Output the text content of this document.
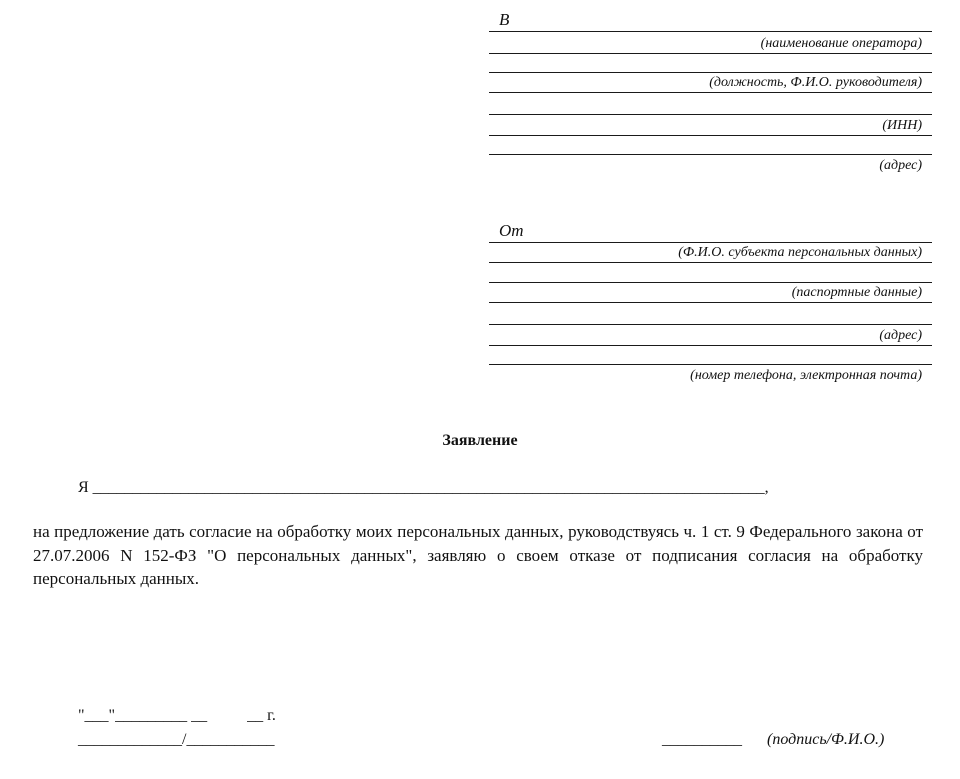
В
(наименование оператора)
(должность, Ф.И.О. руководителя)
(ИНН)
(адрес)
От
(Ф.И.О. субъекта персональных данных)
(паспортные данные)
(адрес)
(номер телефона, электронная почта)
Заявление
Я ____________________________________________________________________________________,
на предложение дать согласие на обработку моих персональных данных, руководствуясь ч. 1 ст. 9 Федерального закона от 27.07.2006 N 152-ФЗ "О персональных данных", заявляю о своем отказе от подписания согласия на обработку персональных данных.
"___"_________ __          __ г.
_____________/___________	__________ (подпись/Ф.И.О.)
